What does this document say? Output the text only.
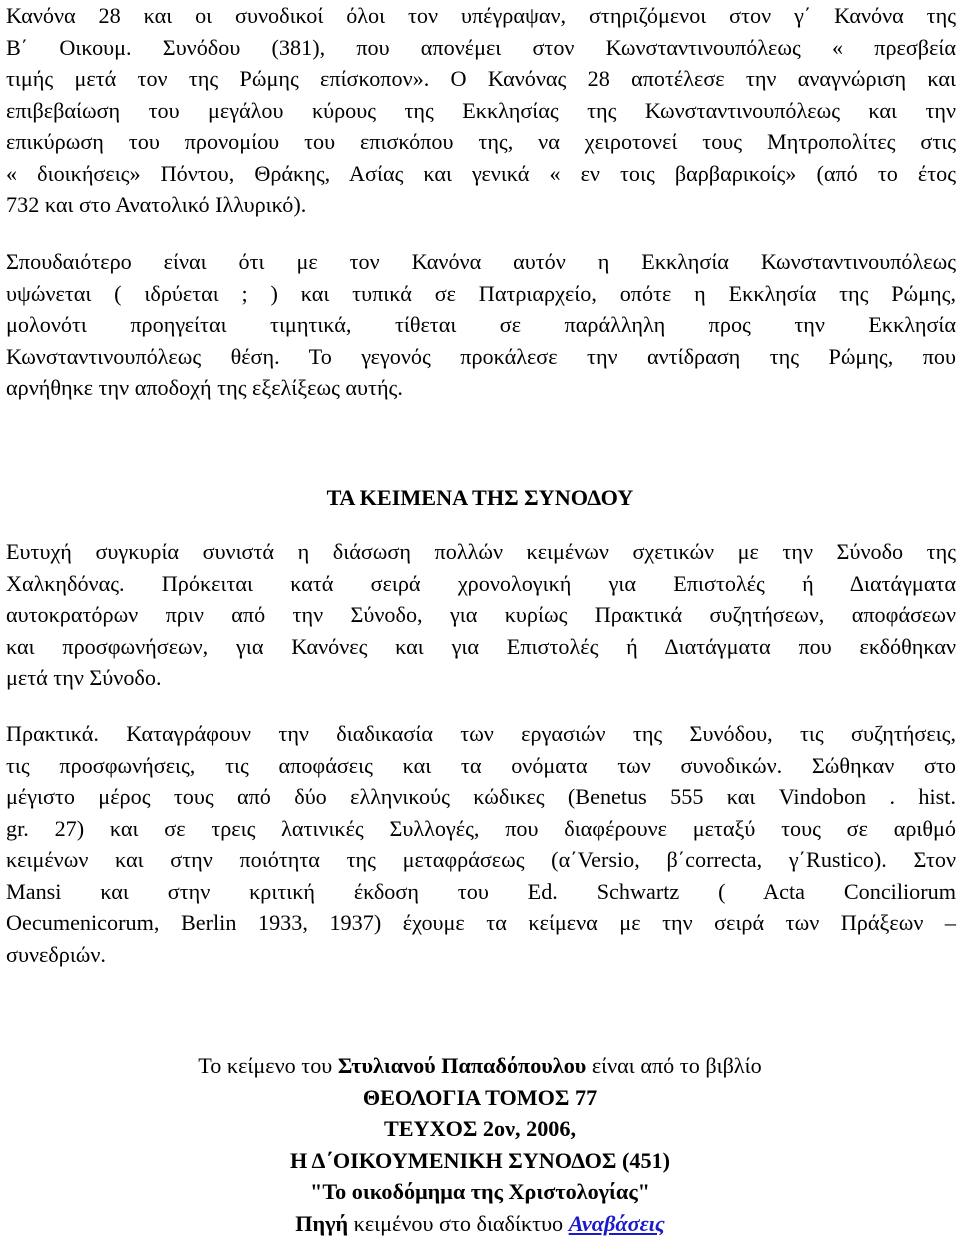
Κανόνα 28 και οι συνοδικοί όλοι τον υπέγραψαν, στηριζόμενοι στον γ΄ Κανόνα της
Β΄ Οικουμ. Συνόδου (381), που απονέμει στον Κωνσταντινουπόλεως « πρεσβεία
τιμής μετά τον της Ρώμης επίσκοπον». Ο Κανόνας 28 αποτέλεσε την αναγνώριση και
επιβεβαίωση του μεγάλου κύρους της Εκκλησίας της Κωνσταντινουπόλεως και την
επικύρωση του προνομίου του επισκόπου της, να χειροτονεί τους Μητροπολίτες στις
« διοικήσεις» Πόντου, Θράκης, Ασίας και γενικά « εν τοις βαρβαρικοίς» (από το έτος
732 και στο Ανατολικό Ιλλυρικό).
Σπουδαιότερο είναι ότι με τον Κανόνα αυτόν η Εκκλησία Κωνσταντινουπόλεως
υψώνεται ( ιδρύεται ; ) και τυπικά σε Πατριαρχείο, οπότε η Εκκλησία της Ρώμης,
μολονότι προηγείται τιμητικά, τίθεται σε παράλληλη προς την Εκκλησία
Κωνσταντινουπόλεως θέση. Το γεγονός προκάλεσε την αντίδραση της Ρώμης, που
αρνήθηκε την αποδοχή της εξελίξεως αυτής.
ΤΑ ΚΕΙΜΕΝΑ ΤΗΣ ΣΥΝΟΔΟΥ
Ευτυχή συγκυρία συνιστά η διάσωση πολλών κειμένων σχετικών με την Σύνοδο της
Χαλκηδόνας. Πρόκειται κατά σειρά χρονολογική για Επιστολές ή Διατάγματα
αυτοκρατόρων πριν από την Σύνοδο, για κυρίως Πρακτικά συζητήσεων, αποφάσεων
και προσφωνήσεων, για Κανόνες και για Επιστολές ή Διατάγματα που εκδόθηκαν
μετά την Σύνοδο.
Πρακτικά. Καταγράφουν την διαδικασία των εργασιών της Συνόδου, τις συζητήσεις,
τις προσφωνήσεις, τις αποφάσεις και τα ονόματα των συνοδικών. Σώθηκαν στο
μέγιστο μέρος τους από δύο ελληνικούς κώδικες (Benetus 555 και Vindobon . hist.
gr. 27) και σε τρεις λατινικές Συλλογές, που διαφέρουνε μεταξύ τους σε αριθμό
κειμένων και στην ποιότητα της μεταφράσεως (α΄Versio, β΄correcta, γ΄Rustico). Στον
Mansi και στην κριτική έκδοση του Ed. Schwartz ( Acta Conciliorum
Oecumenicorum, Berlin 1933, 1937) έχουμε τα κείμενα με την σειρά των Πράξεων –
συνεδριών.
Το κείμενο του Στυλιανού Παπαδόπουλου είναι από το βιβλίο
ΘΕΟΛΟΓΙΑ ΤΟΜΟΣ 77
ΤΕΥΧΟΣ 2ον, 2006,
Η Δ΄ΟΙΚΟΥΜΕΝΙΚΗ ΣΥΝΟΔΟΣ (451)
"Το οικοδόμημα της Χριστολογίας"
Πηγή κειμένου στο διαδίκτυο Αναβάσεις
